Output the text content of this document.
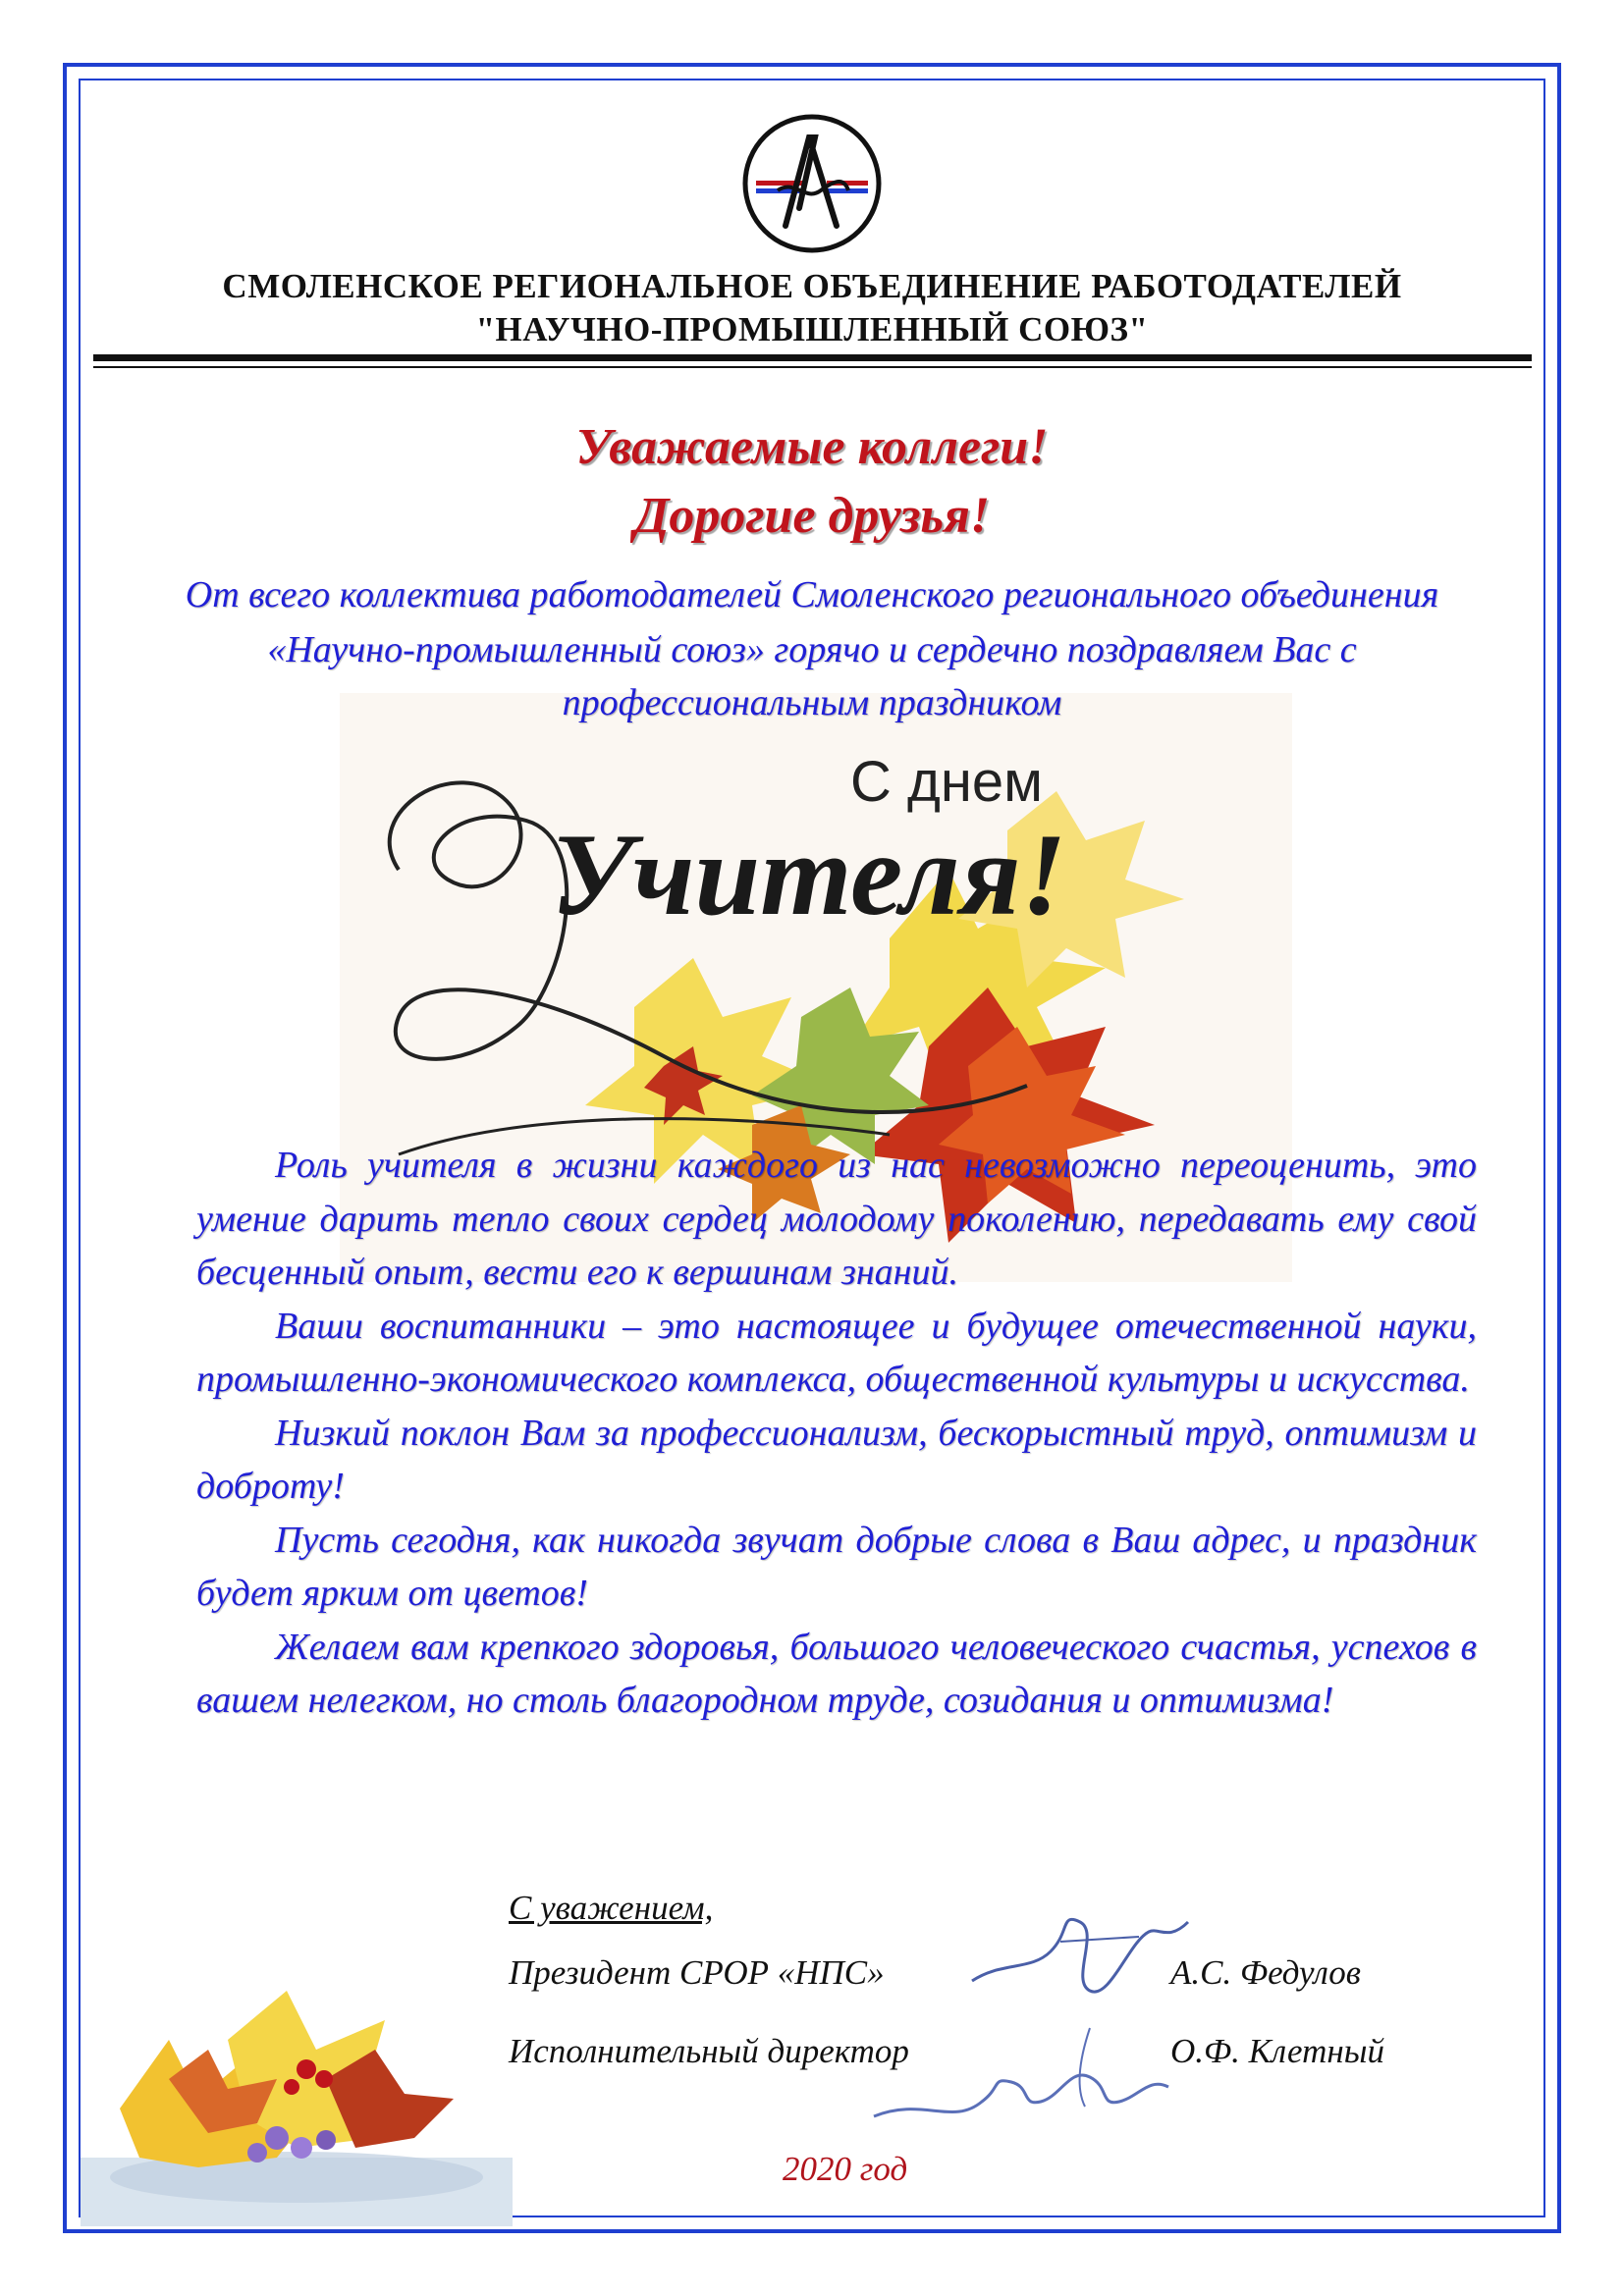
СМОЛЕНСКОЕ РЕГИОНАЛЬНОЕ ОБЪЕДИНЕНИЕ РАБОТОДАТЕЛЕЙ
"НАУЧНО-ПРОМЫШЛЕННЫЙ СОЮЗ"
Уважаемые коллеги!
Дорогие друзья!
С днем
Учителя!
От всего коллектива работодателей Смоленского регионального объединения
«Научно-промышленный союз» горячо и сердечно поздравляем Вас с
профессиональным праздником

Роль учителя в жизни каждого из нас невозможно переоценить, это умение дарить тепло своих сердец молодому поколению, передавать ему свой бесценный опыт, вести его к вершинам знаний.

Ваши воспитанники – это настоящее и будущее отечественной науки, промышленно-экономического комплекса, общественной культуры и искусства.

Низкий поклон Вам за профессионализм, бескорыстный труд, оптимизм и доброту!

Пусть сегодня, как никогда звучат добрые слова в Ваш адрес, и праздник будет ярким от цветов!

Желаем вам крепкого здоровья, большого человеческого счастья, успехов в вашем нелегком, но столь благородном труде, созидания и оптимизма!

С уважением,
Президент СРОР «НПС»	А.С. Федулов
Исполнительный директор	О.Ф. Клетный
2020 год
